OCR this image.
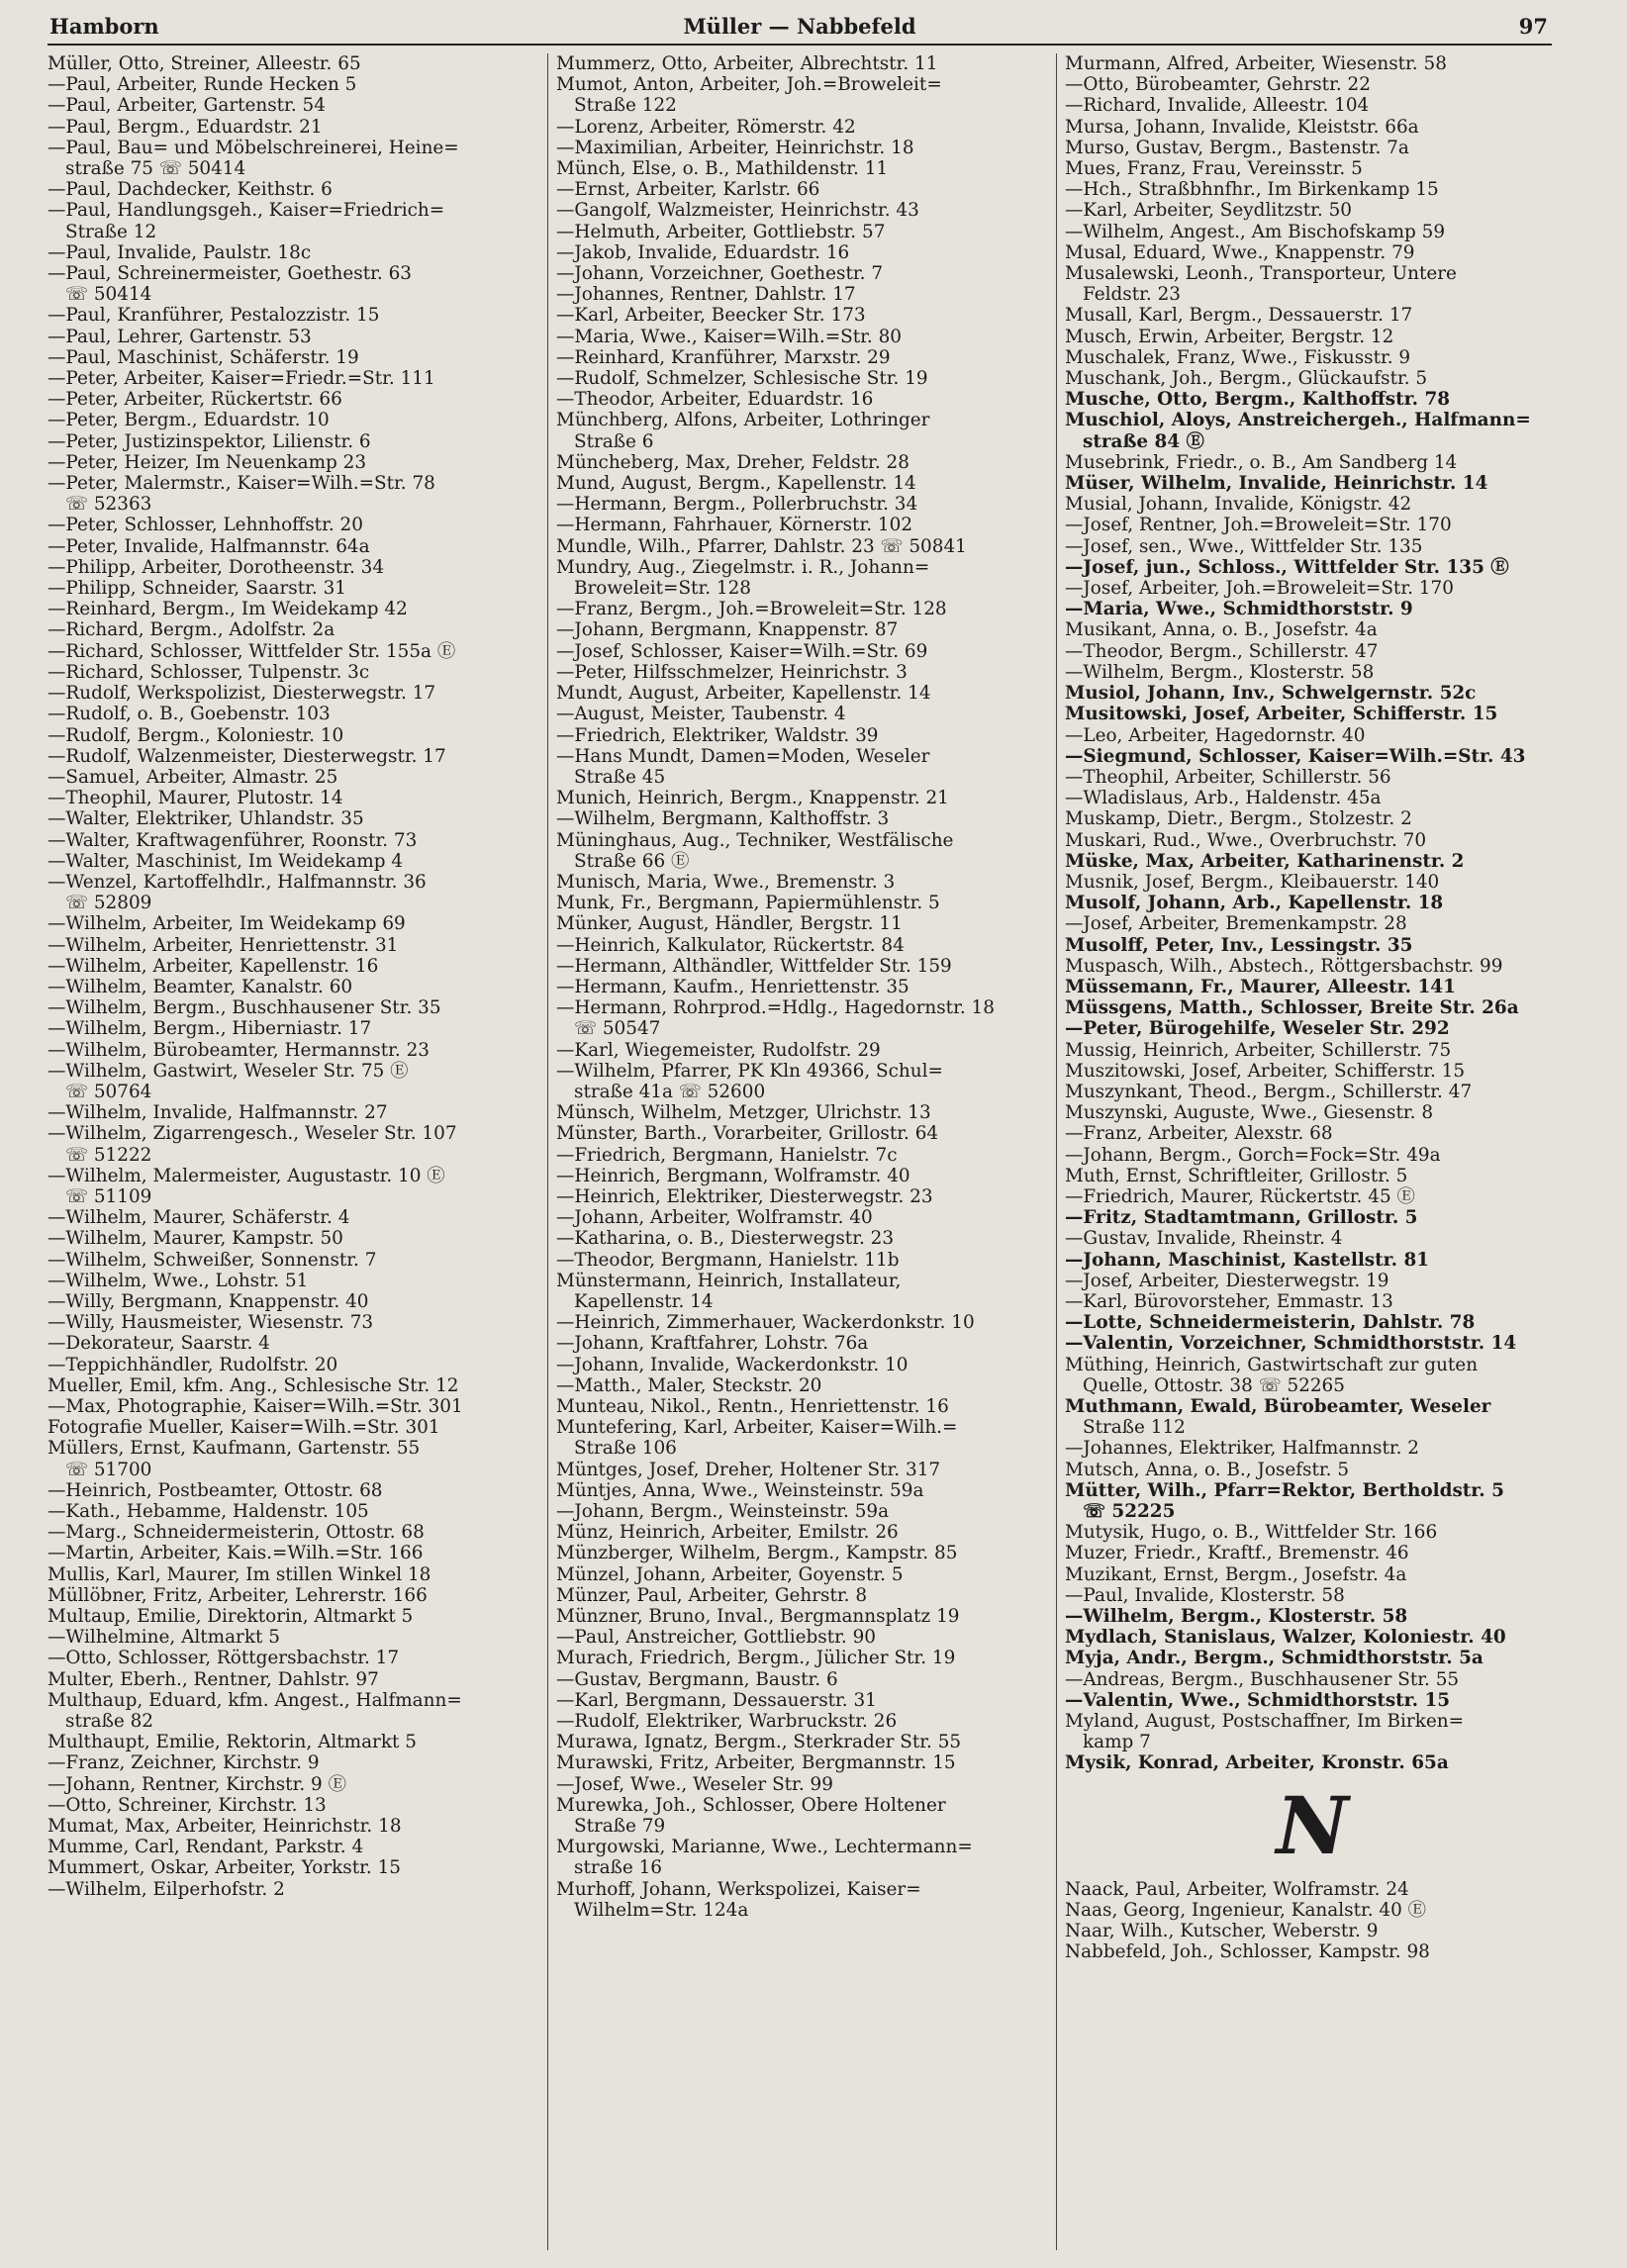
Hamborn	Müller — Nabbefeld	97
Müller, Otto, Streiner, Alleestr. 65
—Paul, Arbeiter, Runde Hecken 5
—Paul, Arbeiter, Gartenstr. 54
—Paul, Bergm., Eduardstr. 21
—Paul, Bau= und Möbelschreinerei, Heine=
straße 75 ☏ 50414
—Paul, Dachdecker, Keithstr. 6
—Paul, Handlungsgeh., Kaiser=Friedrich=
Straße 12
—Paul, Invalide, Paulstr. 18c
—Paul, Schreinermeister, Goethestr. 63
☏ 50414
—Paul, Kranführer, Pestalozzistr. 15
—Paul, Lehrer, Gartenstr. 53
—Paul, Maschinist, Schäferstr. 19
—Peter, Arbeiter, Kaiser=Friedr.=Str. 111
—Peter, Arbeiter, Rückertstr. 66
—Peter, Bergm., Eduardstr. 10
—Peter, Justizinspektor, Lilienstr. 6
—Peter, Heizer, Im Neuenkamp 23
—Peter, Malermstr., Kaiser=Wilh.=Str. 78
☏ 52363
—Peter, Schlosser, Lehnhoffstr. 20
—Peter, Invalide, Halfmannstr. 64a
—Philipp, Arbeiter, Dorotheenstr. 34
—Philipp, Schneider, Saarstr. 31
—Reinhard, Bergm., Im Weidekamp 42
—Richard, Bergm., Adolfstr. 2a
—Richard, Schlosser, Wittfelder Str. 155a Ⓔ
—Richard, Schlosser, Tulpenstr. 3c
—Rudolf, Werkspolizist, Diesterwegstr. 17
—Rudolf, o. B., Goebenstr. 103
—Rudolf, Bergm., Koloniestr. 10
—Rudolf, Walzenmeister, Diesterwegstr. 17
—Samuel, Arbeiter, Almastr. 25
—Theophil, Maurer, Plutostr. 14
—Walter, Elektriker, Uhlandstr. 35
—Walter, Kraftwagenführer, Roonstr. 73
—Walter, Maschinist, Im Weidekamp 4
—Wenzel, Kartoffelhdlr., Halfmannstr. 36
☏ 52809
—Wilhelm, Arbeiter, Im Weidekamp 69
—Wilhelm, Arbeiter, Henriettenstr. 31
—Wilhelm, Arbeiter, Kapellenstr. 16
—Wilhelm, Beamter, Kanalstr. 60
—Wilhelm, Bergm., Buschhausener Str. 35
—Wilhelm, Bergm., Hiberniastr. 17
—Wilhelm, Bürobeamter, Hermannstr. 23
—Wilhelm, Gastwirt, Weseler Str. 75 Ⓔ
☏ 50764
—Wilhelm, Invalide, Halfmannstr. 27
—Wilhelm, Zigarrengesch., Weseler Str. 107
☏ 51222
—Wilhelm, Malermeister, Augustastr. 10 Ⓔ
☏ 51109
—Wilhelm, Maurer, Schäferstr. 4
—Wilhelm, Maurer, Kampstr. 50
—Wilhelm, Schweißer, Sonnenstr. 7
—Wilhelm, Wwe., Lohstr. 51
—Willy, Bergmann, Knappenstr. 40
—Willy, Hausmeister, Wiesenstr. 73
—Dekorateur, Saarstr. 4
—Teppichhändler, Rudolfstr. 20
Mueller, Emil, kfm. Ang., Schlesische Str. 12
—Max, Photographie, Kaiser=Wilh.=Str. 301
Fotografie Mueller, Kaiser=Wilh.=Str. 301
Müllers, Ernst, Kaufmann, Gartenstr. 55
☏ 51700
—Heinrich, Postbeamter, Ottostr. 68
—Kath., Hebamme, Haldenstr. 105
—Marg., Schneidermeisterin, Ottostr. 68
—Martin, Arbeiter, Kais.=Wilh.=Str. 166
Mullis, Karl, Maurer, Im stillen Winkel 18
Müllöbner, Fritz, Arbeiter, Lehrerstr. 166
Multaup, Emilie, Direktorin, Altmarkt 5
—Wilhelmine, Altmarkt 5
—Otto, Schlosser, Röttgersbachstr. 17
Multer, Eberh., Rentner, Dahlstr. 97
Multhaup, Eduard, kfm. Angest., Halfmann=
straße 82
Multhaupt, Emilie, Rektorin, Altmarkt 5
—Franz, Zeichner, Kirchstr. 9
—Johann, Rentner, Kirchstr. 9 Ⓔ
—Otto, Schreiner, Kirchstr. 13
Mumat, Max, Arbeiter, Heinrichstr. 18
Mumme, Carl, Rendant, Parkstr. 4
Mummert, Oskar, Arbeiter, Yorkstr. 15
—Wilhelm, Eilperhofstr. 2
Mummerz, Otto, Arbeiter, Albrechtstr. 11
Mumot, Anton, Arbeiter, Joh.=Broweleit=
Straße 122
—Lorenz, Arbeiter, Römerstr. 42
—Maximilian, Arbeiter, Heinrichstr. 18
Münch, Else, o. B., Mathildenstr. 11
—Ernst, Arbeiter, Karlstr. 66
—Gangolf, Walzmeister, Heinrichstr. 43
—Helmuth, Arbeiter, Gottliebstr. 57
—Jakob, Invalide, Eduardstr. 16
—Johann, Vorzeichner, Goethestr. 7
—Johannes, Rentner, Dahlstr. 17
—Karl, Arbeiter, Beecker Str. 173
—Maria, Wwe., Kaiser=Wilh.=Str. 80
—Reinhard, Kranführer, Marxstr. 29
—Rudolf, Schmelzer, Schlesische Str. 19
—Theodor, Arbeiter, Eduardstr. 16
Münchberg, Alfons, Arbeiter, Lothringer
Straße 6
Müncheberg, Max, Dreher, Feldstr. 28
Mund, August, Bergm., Kapellenstr. 14
—Hermann, Bergm., Pollerbruchstr. 34
—Hermann, Fahrhauer, Körnerstr. 102
Mundle, Wilh., Pfarrer, Dahlstr. 23 ☏ 50841
Mundry, Aug., Ziegelmstr. i. R., Johann=
Broweleit=Str. 128
—Franz, Bergm., Joh.=Broweleit=Str. 128
—Johann, Bergmann, Knappenstr. 87
—Josef, Schlosser, Kaiser=Wilh.=Str. 69
—Peter, Hilfsschmelzer, Heinrichstr. 3
Mundt, August, Arbeiter, Kapellenstr. 14
—August, Meister, Taubenstr. 4
—Friedrich, Elektriker, Waldstr. 39
—Hans Mundt, Damen=Moden, Weseler
Straße 45
Munich, Heinrich, Bergm., Knappenstr. 21
—Wilhelm, Bergmann, Kalthoffstr. 3
Müninghaus, Aug., Techniker, Westfälische
Straße 66 Ⓔ
Munisch, Maria, Wwe., Bremenstr. 3
Munk, Fr., Bergmann, Papiermühlenstr. 5
Münker, August, Händler, Bergstr. 11
—Heinrich, Kalkulator, Rückertstr. 84
—Hermann, Althändler, Wittfelder Str. 159
—Hermann, Kaufm., Henriettenstr. 35
—Hermann, Rohrprod.=Hdlg., Hagedornstr. 18
☏ 50547
—Karl, Wiegemeister, Rudolfstr. 29
—Wilhelm, Pfarrer, PK Kln 49366, Schul=
straße 41a ☏ 52600
Münsch, Wilhelm, Metzger, Ulrichstr. 13
Münster, Barth., Vorarbeiter, Grillostr. 64
—Friedrich, Bergmann, Hanielstr. 7c
—Heinrich, Bergmann, Wolframstr. 40
—Heinrich, Elektriker, Diesterwegstr. 23
—Johann, Arbeiter, Wolframstr. 40
—Katharina, o. B., Diesterwegstr. 23
—Theodor, Bergmann, Hanielstr. 11b
Münstermann, Heinrich, Installateur,
Kapellenstr. 14
—Heinrich, Zimmerhauer, Wackerdonkstr. 10
—Johann, Kraftfahrer, Lohstr. 76a
—Johann, Invalide, Wackerdonkstr. 10
—Matth., Maler, Steckstr. 20
Munteau, Nikol., Rentn., Henriettenstr. 16
Muntefering, Karl, Arbeiter, Kaiser=Wilh.=
Straße 106
Müntges, Josef, Dreher, Holtener Str. 317
Müntjes, Anna, Wwe., Weinsteinstr. 59a
—Johann, Bergm., Weinsteinstr. 59a
Münz, Heinrich, Arbeiter, Emilstr. 26
Münzberger, Wilhelm, Bergm., Kampstr. 85
Münzel, Johann, Arbeiter, Goyenstr. 5
Münzer, Paul, Arbeiter, Gehrstr. 8
Münzner, Bruno, Inval., Bergmannsplatz 19
—Paul, Anstreicher, Gottliebstr. 90
Murach, Friedrich, Bergm., Jülicher Str. 19
—Gustav, Bergmann, Baustr. 6
—Karl, Bergmann, Dessauerstr. 31
—Rudolf, Elektriker, Warbruckstr. 26
Murawa, Ignatz, Bergm., Sterkrader Str. 55
Murawski, Fritz, Arbeiter, Bergmannstr. 15
—Josef, Wwe., Weseler Str. 99
Murewka, Joh., Schlosser, Obere Holtener
Straße 79
Murgowski, Marianne, Wwe., Lechtermann=
straße 16
Murhoff, Johann, Werkspolizei, Kaiser=
Wilhelm=Str. 124a
Murmann, Alfred, Arbeiter, Wiesenstr. 58
—Otto, Bürobeamter, Gehrstr. 22
—Richard, Invalide, Alleestr. 104
Mursa, Johann, Invalide, Kleiststr. 66a
Murso, Gustav, Bergm., Bastenstr. 7a
Mues, Franz, Frau, Vereinsstr. 5
—Hch., Straßbhnfhr., Im Birkenkamp 15
—Karl, Arbeiter, Seydlitzstr. 50
—Wilhelm, Angest., Am Bischofskamp 59
Musal, Eduard, Wwe., Knappenstr. 79
Musalewski, Leonh., Transporteur, Untere
Feldstr. 23
Musall, Karl, Bergm., Dessauerstr. 17
Musch, Erwin, Arbeiter, Bergstr. 12
Muschalek, Franz, Wwe., Fiskusstr. 9
Muschank, Joh., Bergm., Glückaufstr. 5
Musche, Otto, Bergm., Kalthoffstr. 78
Muschiol, Aloys, Anstreichergeh., Halfmann=
straße 84 Ⓔ
Musebrink, Friedr., o. B., Am Sandberg 14
Müser, Wilhelm, Invalide, Heinrichstr. 14
Musial, Johann, Invalide, Königstr. 42
—Josef, Rentner, Joh.=Broweleit=Str. 170
—Josef, sen., Wwe., Wittfelder Str. 135
—Josef, jun., Schloss., Wittfelder Str. 135 Ⓔ
—Josef, Arbeiter, Joh.=Broweleit=Str. 170
—Maria, Wwe., Schmidthorststr. 9
Musikant, Anna, o. B., Josefstr. 4a
—Theodor, Bergm., Schillerstr. 47
—Wilhelm, Bergm., Klosterstr. 58
Musiol, Johann, Inv., Schwelgernstr. 52c
Musitowski, Josef, Arbeiter, Schifferstr. 15
—Leo, Arbeiter, Hagedornstr. 40
—Siegmund, Schlosser, Kaiser=Wilh.=Str. 43
—Theophil, Arbeiter, Schillerstr. 56
—Wladislaus, Arb., Haldenstr. 45a
Muskamp, Dietr., Bergm., Stolzestr. 2
Muskari, Rud., Wwe., Overbruchstr. 70
Müske, Max, Arbeiter, Katharinenstr. 2
Musnik, Josef, Bergm., Kleibauerstr. 140
Musolf, Johann, Arb., Kapellenstr. 18
—Josef, Arbeiter, Bremenkampstr. 28
Musolff, Peter, Inv., Lessingstr. 35
Muspasch, Wilh., Abstech., Röttgersbachstr. 99
Müssemann, Fr., Maurer, Alleestr. 141
Müssgens, Matth., Schlosser, Breite Str. 26a
—Peter, Bürogehilfe, Weseler Str. 292
Mussig, Heinrich, Arbeiter, Schillerstr. 75
Muszitowski, Josef, Arbeiter, Schifferstr. 15
Muszynkant, Theod., Bergm., Schillerstr. 47
Muszynski, Auguste, Wwe., Giesenstr. 8
—Franz, Arbeiter, Alexstr. 68
—Johann, Bergm., Gorch=Fock=Str. 49a
Muth, Ernst, Schriftleiter, Grillostr. 5
—Friedrich, Maurer, Rückertstr. 45 Ⓔ
—Fritz, Stadtamtmann, Grillostr. 5
—Gustav, Invalide, Rheinstr. 4
—Johann, Maschinist, Kastellstr. 81
—Josef, Arbeiter, Diesterwegstr. 19
—Karl, Bürovorsteher, Emmastr. 13
—Lotte, Schneidermeisterin, Dahlstr. 78
—Valentin, Vorzeichner, Schmidthorststr. 14
Müthing, Heinrich, Gastwirtschaft zur guten
Quelle, Ottostr. 38 ☏ 52265
Muthmann, Ewald, Bürobeamter, Weseler
Straße 112
—Johannes, Elektriker, Halfmannstr. 2
Mutsch, Anna, o. B., Josefstr. 5
Mütter, Wilh., Pfarr=Rektor, Bertholdstr. 5
☏ 52225
Mutysik, Hugo, o. B., Wittfelder Str. 166
Muzer, Friedr., Kraftf., Bremenstr. 46
Muzikant, Ernst, Bergm., Josefstr. 4a
—Paul, Invalide, Klosterstr. 58
—Wilhelm, Bergm., Klosterstr. 58
Mydlach, Stanislaus, Walzer, Koloniestr. 40
Myja, Andr., Bergm., Schmidthorststr. 5a
—Andreas, Bergm., Buschhausener Str. 55
—Valentin, Wwe., Schmidthorststr. 15
Myland, August, Postschaffner, Im Birken=
kamp 7
Mysik, Konrad, Arbeiter, Kronstr. 65a
N
Naack, Paul, Arbeiter, Wolframstr. 24
Naas, Georg, Ingenieur, Kanalstr. 40 Ⓔ
Naar, Wilh., Kutscher, Weberstr. 9
Nabbefeld, Joh., Schlosser, Kampstr. 98
